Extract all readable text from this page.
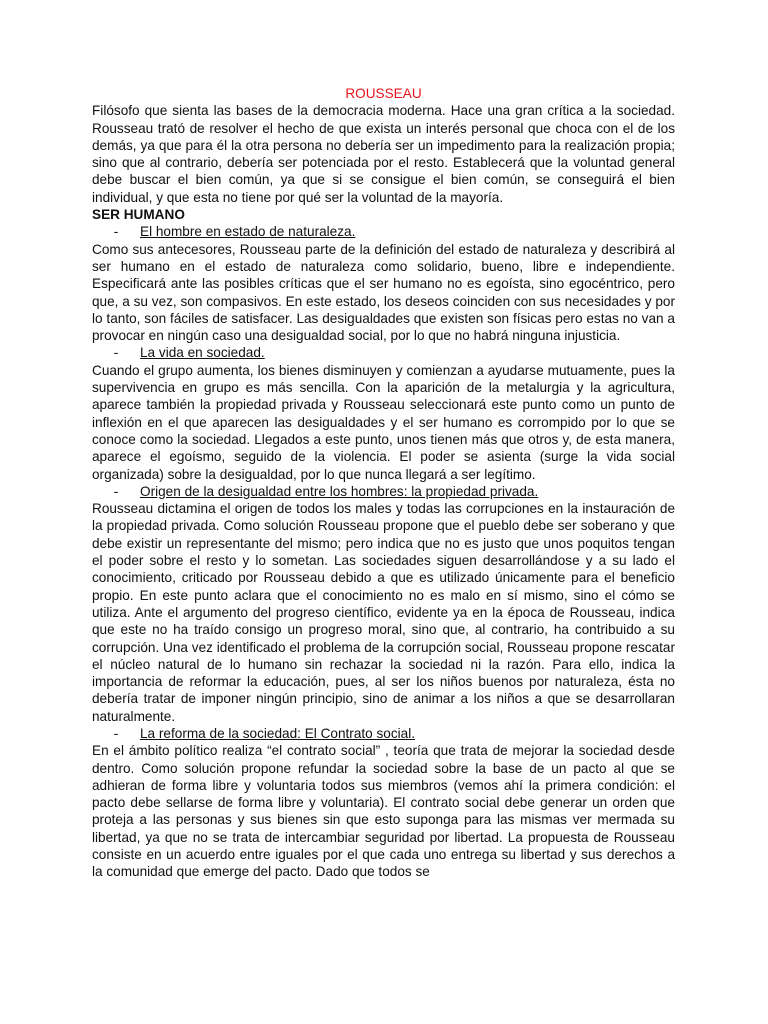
ROUSSEAU

Filósofo que sienta las bases de la democracia moderna. Hace una gran crítica a la sociedad. Rousseau trató de resolver el hecho de que exista un interés personal que choca con el de los demás, ya que para él la otra persona no debería ser un impedimento para la realización propia; sino que al contrario, debería ser potenciada por el resto. Establecerá que la voluntad general debe buscar el bien común, ya que si se consigue el bien común, se conseguirá el bien individual, y que esta no tiene por qué ser la voluntad de la mayoría.

SER HUMANO
-	El hombre en estado de naturaleza.

Como sus antecesores, Rousseau parte de la definición del estado de naturaleza y describirá al ser humano en el estado de naturaleza como solidario, bueno, libre e independiente. Especificará ante las posibles críticas que el ser humano no es egoísta, sino egocéntrico, pero que, a su vez, son compasivos. En este estado, los deseos coinciden con sus necesidades y por lo tanto, son fáciles de satisfacer. Las desigualdades que existen son físicas pero estas no van a provocar en ningún caso una desigualdad social, por lo que no habrá ninguna injusticia.

-	La vida en sociedad.

Cuando el grupo aumenta, los bienes disminuyen y comienzan a ayudarse mutuamente, pues la supervivencia en grupo es más sencilla. Con la aparición de la metalurgia y la agricultura, aparece también la propiedad privada y Rousseau seleccionará este punto como un punto de inflexión en el que aparecen las desigualdades y el ser humano es corrompido por lo que se conoce como la sociedad. Llegados a este punto, unos tienen más que otros y, de esta manera, aparece el egoísmo, seguido de la violencia. El poder se asienta (surge la vida social organizada) sobre la desigualdad, por lo que nunca llegará a ser legítimo.

-	Origen de la desigualdad entre los hombres: la propiedad privada.

Rousseau dictamina el origen de todos los males y todas las corrupciones en la instauración de la propiedad privada. Como solución Rousseau propone que el pueblo debe ser soberano y que debe existir un representante del mismo; pero indica que no es justo que unos poquitos tengan el poder sobre el resto y lo sometan. Las sociedades siguen desarrollándose y a su lado el conocimiento, criticado por Rousseau debido a que es utilizado únicamente para el beneficio propio. En este punto aclara que el conocimiento no es malo en sí mismo, sino el cómo se utiliza. Ante el argumento del progreso científico, evidente ya en la época de Rousseau, indica que este no ha traído consigo un progreso moral, sino que, al contrario, ha contribuido a su corrupción. Una vez identificado el problema de la corrupción social, Rousseau propone rescatar el núcleo natural de lo humano sin rechazar la sociedad ni la razón. Para ello, indica la importancia de reformar la educación, pues, al ser los niños buenos por naturaleza, ésta no debería tratar de imponer ningún principio, sino de animar a los niños a que se desarrollaran naturalmente.

-	La reforma de la sociedad: El Contrato social.

En el ámbito político realiza “el contrato social” , teoría que trata de mejorar la sociedad desde dentro. Como solución propone refundar la sociedad sobre la base de un pacto al que se adhieran de forma libre y voluntaria todos sus miembros (vemos ahí la primera condición: el pacto debe sellarse de forma libre y voluntaria). El contrato social debe generar un orden que proteja a las personas y sus bienes sin que esto suponga para las mismas ver mermada su libertad, ya que no se trata de intercambiar seguridad por libertad. La propuesta de Rousseau consiste en un acuerdo entre iguales por el que cada uno entrega su libertad y sus derechos a la comunidad que emerge del pacto. Dado que todos se
